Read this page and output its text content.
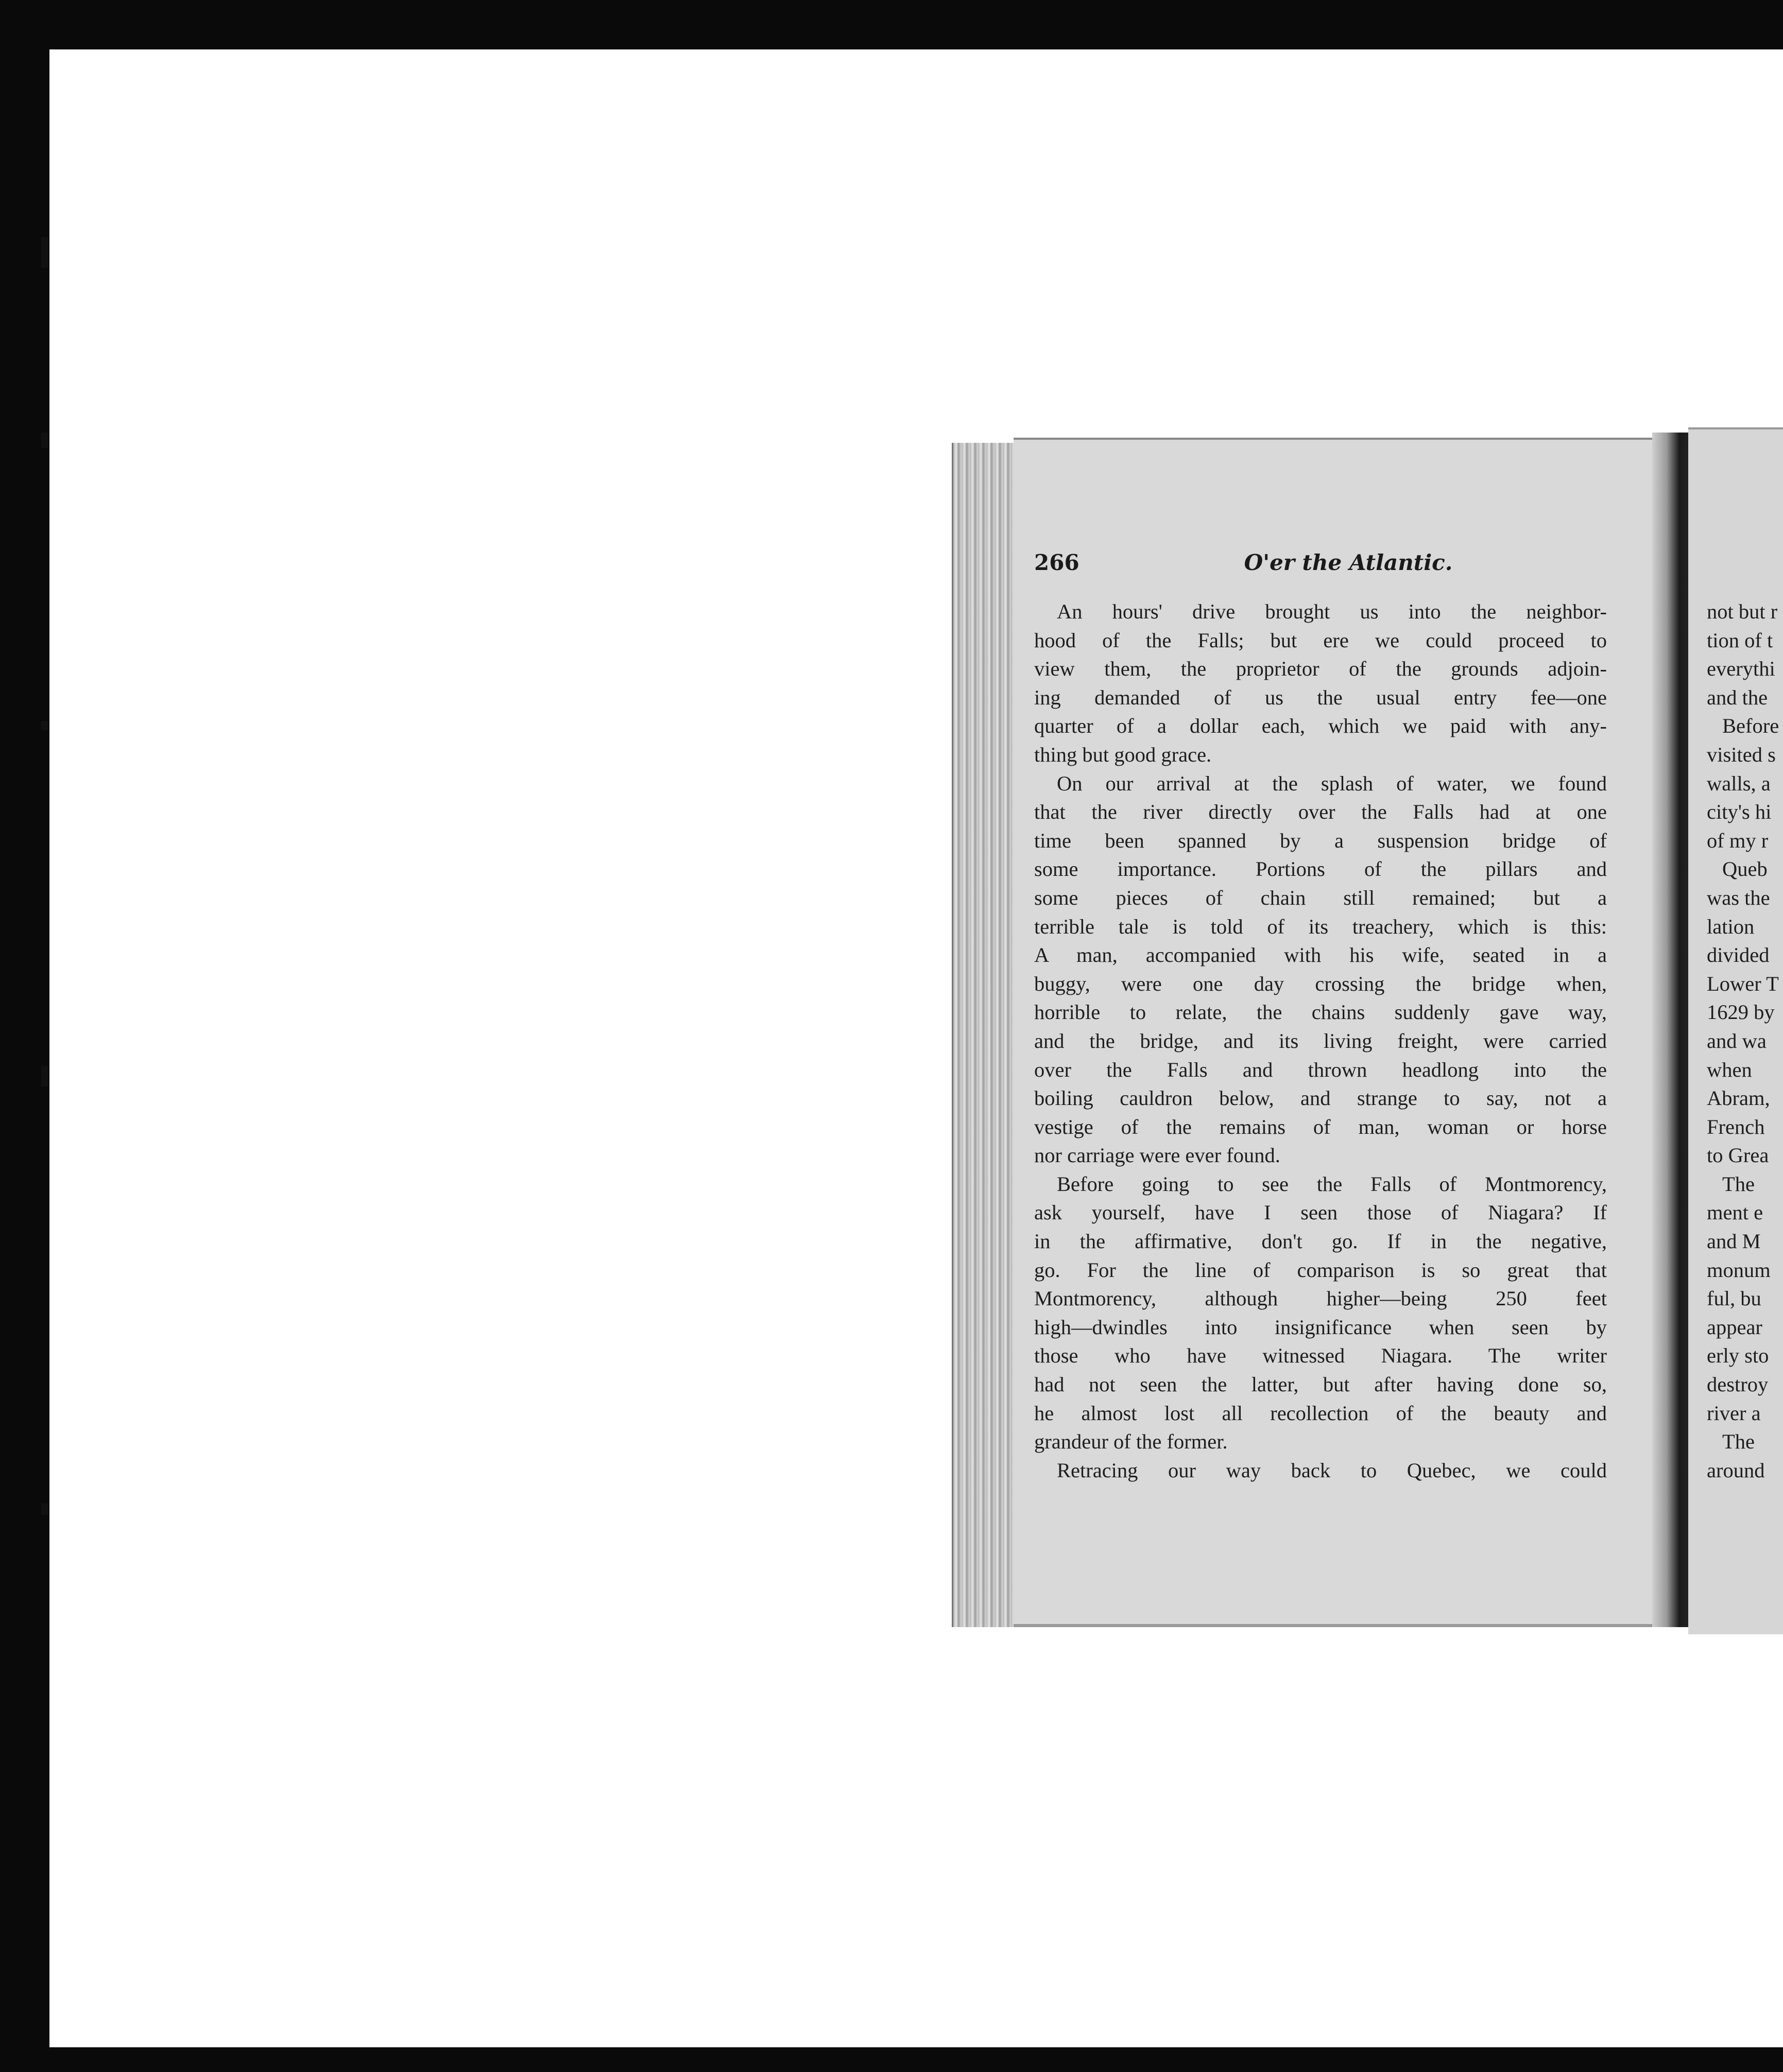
266	O'er the Atlantic.
An hours' drive brought us into the neighbor-
hood of the Falls; but ere we could proceed to
view them, the proprietor of the grounds adjoin-
ing demanded of us the usual entry fee—one
quarter of a dollar each, which we paid with any-
thing but good grace.
On our arrival at the splash of water, we found
that the river directly over the Falls had at one
time been spanned by a suspension bridge of
some importance. Portions of the pillars and
some pieces of chain still remained; but a
terrible tale is told of its treachery, which is this:
A man, accompanied with his wife, seated in a
buggy, were one day crossing the bridge when,
horrible to relate, the chains suddenly gave way,
and the bridge, and its living freight, were carried
over the Falls and thrown headlong into the
boiling cauldron below, and strange to say, not a
vestige of the remains of man, woman or horse
nor carriage were ever found.
Before going to see the Falls of Montmorency,
ask yourself, have I seen those of Niagara? If
in the affirmative, don't go. If in the negative,
go. For the line of comparison is so great that
Montmorency, although higher—being 250 feet
high—dwindles into insignificance when seen by
those who have witnessed Niagara. The writer
had not seen the latter, but after having done so,
he almost lost all recollection of the beauty and
grandeur of the former.
Retracing our way back to Quebec, we could
not but r
tion of t
everythi
and the
Before
visited s
walls, a
city's hi
of my r
Queb
was the
lation
divided
Lower T
1629 by
and wa
when
Abram,
French
to Grea
The
ment e
and M
monum
ful, bu
appear
erly sto
destroy
river a
The
around
